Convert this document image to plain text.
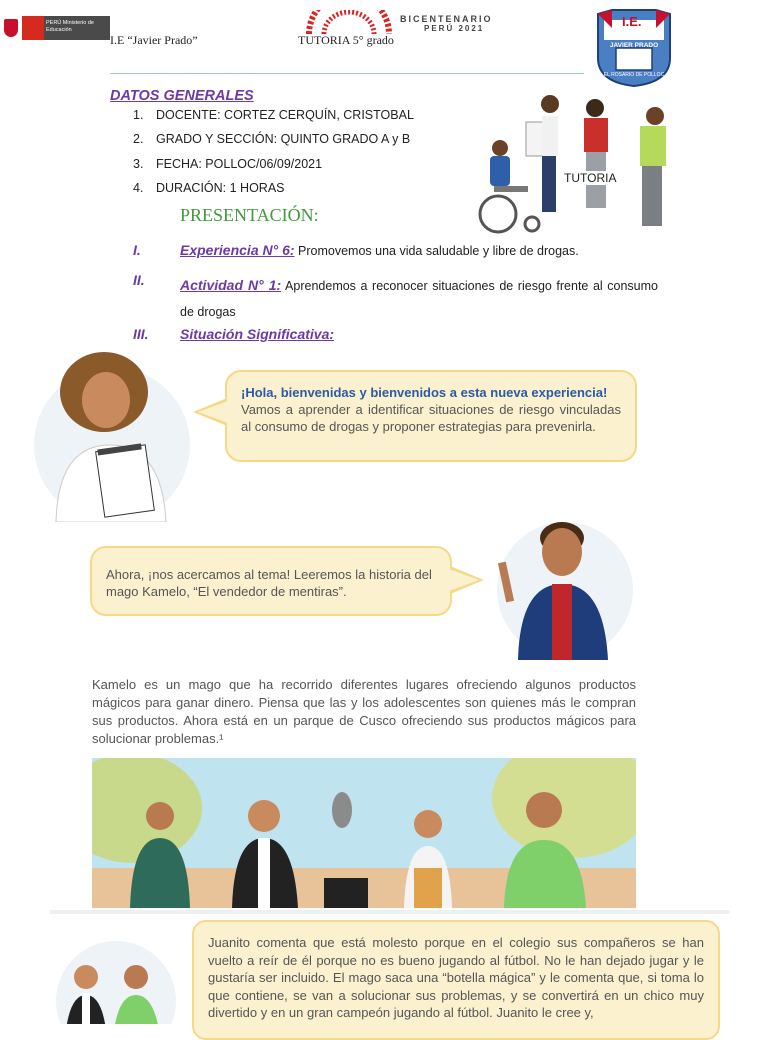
PERÚ Ministerio de Educación
I.E “Javier Prado”	TUTORIA 5° grado
BICENTENARIO
PERÚ 2021	I.E.
JAVIER PRADO
EL ROSARIO DE POLLOC
DATOS GENERALES
1. DOCENTE: CORTEZ CERQUÍN, CRISTOBAL
2. GRADO Y SECCIÓN: QUINTO GRADO A y B
3. FECHA: POLLOC/06/09/2021
4. DURACIÓN: 1 HORAS
TUTORIA
PRESENTACIÓN:
I.	Experiencia N° 6: Promovemos una vida saludable y libre de drogas.
II.	Actividad N° 1: Aprendemos a reconocer situaciones de riesgo frente al consumo de drogas
III. Situación Significativa:
¡Hola, bienvenidas y bienvenidos a esta nueva experiencia!
Vamos a aprender a identificar situaciones de riesgo vinculadas al consumo de drogas y proponer estrategias para prevenirla.
Ahora, ¡nos acercamos al tema! Leeremos la historia del mago Kamelo, “El vendedor de mentiras”.
Kamelo es un mago que ha recorrido diferentes lugares ofreciendo algunos productos mágicos para ganar dinero. Piensa que las y los adolescentes son quienes más le compran sus productos. Ahora está en un parque de Cusco ofreciendo sus productos mágicos para solucionar problemas.¹
Juanito comenta que está molesto porque en el colegio sus compañeros se han vuelto a reír de él porque no es bueno jugando al fútbol. No le han dejado jugar y le gustaría ser incluido. El mago saca una “botella mágica” y le comenta que, si toma lo que contiene, se van a solucionar sus problemas, y se convertirá en un chico muy divertido y en un gran campeón jugando al fútbol. Juanito le cree y,
